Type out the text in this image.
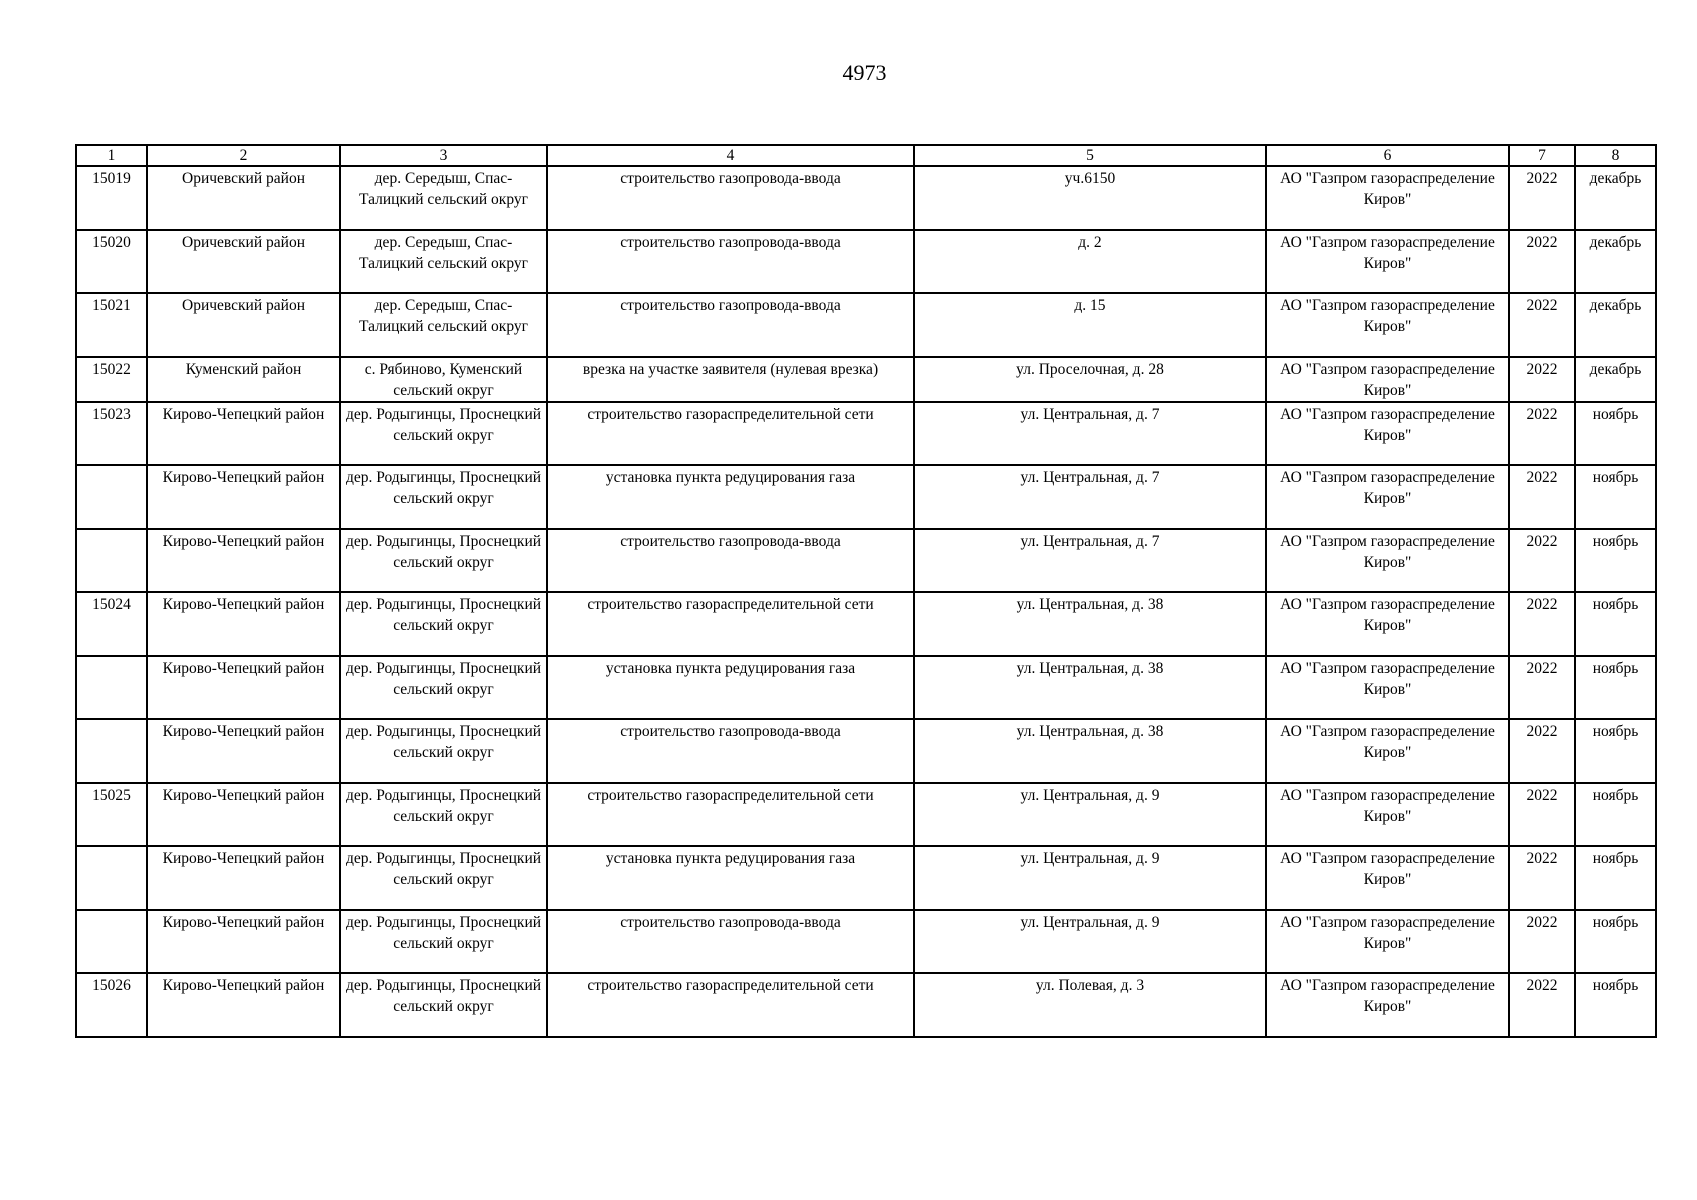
4973
1	2	3	4	5	6	7	8
15019	Оричевский район	дер. Середыш, Спас-Талицкий сельский округ	строительство газопровода-ввода	уч.6150	АО "Газпром газораспределение Киров"	2022	декабрь
15020	Оричевский район	дер. Середыш, Спас-Талицкий сельский округ	строительство газопровода-ввода	д. 2	АО "Газпром газораспределение Киров"	2022	декабрь
15021	Оричевский район	дер. Середыш, Спас-Талицкий сельский округ	строительство газопровода-ввода	д. 15	АО "Газпром газораспределение Киров"	2022	декабрь
15022	Куменский район	с. Рябиново, Куменский сельский округ	врезка на участке заявителя (нулевая врезка)	ул. Проселочная, д. 28	АО "Газпром газораспределение Киров"	2022	декабрь
15023	Кирово-Чепецкий район	дер. Родыгинцы, Проснецкий сельский округ	строительство газораспределительной сети	ул. Центральная, д. 7	АО "Газпром газораспределение Киров"	2022	ноябрь
	Кирово-Чепецкий район	дер. Родыгинцы, Проснецкий сельский округ	установка пункта редуцирования газа	ул. Центральная, д. 7	АО "Газпром газораспределение Киров"	2022	ноябрь
	Кирово-Чепецкий район	дер. Родыгинцы, Проснецкий сельский округ	строительство газопровода-ввода	ул. Центральная, д. 7	АО "Газпром газораспределение Киров"	2022	ноябрь
15024	Кирово-Чепецкий район	дер. Родыгинцы, Проснецкий сельский округ	строительство газораспределительной сети	ул. Центральная, д. 38	АО "Газпром газораспределение Киров"	2022	ноябрь
	Кирово-Чепецкий район	дер. Родыгинцы, Проснецкий сельский округ	установка пункта редуцирования газа	ул. Центральная, д. 38	АО "Газпром газораспределение Киров"	2022	ноябрь
	Кирово-Чепецкий район	дер. Родыгинцы, Проснецкий сельский округ	строительство газопровода-ввода	ул. Центральная, д. 38	АО "Газпром газораспределение Киров"	2022	ноябрь
15025	Кирово-Чепецкий район	дер. Родыгинцы, Проснецкий сельский округ	строительство газораспределительной сети	ул. Центральная, д. 9	АО "Газпром газораспределение Киров"	2022	ноябрь
	Кирово-Чепецкий район	дер. Родыгинцы, Проснецкий сельский округ	установка пункта редуцирования газа	ул. Центральная, д. 9	АО "Газпром газораспределение Киров"	2022	ноябрь
	Кирово-Чепецкий район	дер. Родыгинцы, Проснецкий сельский округ	строительство газопровода-ввода	ул. Центральная, д. 9	АО "Газпром газораспределение Киров"	2022	ноябрь
15026	Кирово-Чепецкий район	дер. Родыгинцы, Проснецкий сельский округ	строительство газораспределительной сети	ул. Полевая, д. 3	АО "Газпром газораспределение Киров"	2022	ноябрь
